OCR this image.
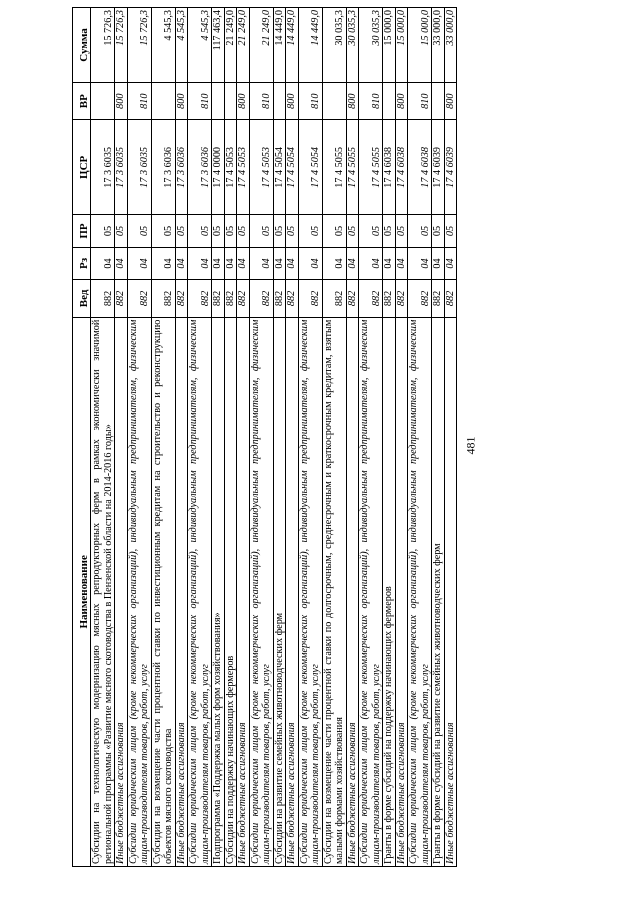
481
Наименование	Вед	Рз	ПР	ЦСР	ВР	Сумма
Субсидии на технологическую модернизацию мясных репродукторных ферм в рамках экономически значимой региональной программы «Развитие мясного скотоводства в Пензенской области на 2014-2016 годы»	882	04	05	17 3 6035		15 726,3
Иные бюджетные ассигнования	882	04	05	17 3 6035	800	15 726,3
Субсидии юридическим лицам (кроме некоммерческих организаций), индивидуальным предпринимателям, физическим лицам-производителям товаров, работ, услуг	882	04	05	17 3 6035	810	15 726,3
Субсидии на возмещение части процентной ставки по инвестиционным кредитам на строительство и реконструкцию объектов мясного скотоводства	882	04	05	17 3 6036		4 545,3
Иные бюджетные ассигнования	882	04	05	17 3 6036	800	4 545,3
Субсидии юридическим лицам (кроме некоммерческих организаций), индивидуальным предпринимателям, физическим лицам-производителям товаров, работ, услуг	882	04	05	17 3 6036	810	4 545,3
Подпрограмма «Поддержка малых форм хозяйствования»	882	04	05	17 4 0000		117 463,4
Субсидии на поддержку начинающих фермеров	882	04	05	17 4 5053		21 249,0
Иные бюджетные ассигнования	882	04	05	17 4 5053	800	21 249,0
Субсидии юридическим лицам (кроме некоммерческих организаций), индивидуальным предпринимателям, физическим лицам-производителям товаров, работ, услуг	882	04	05	17 4 5053	810	21 249,0
Субсидии на развитие семейных животноводческих ферм	882	04	05	17 4 5054		14 449,0
Иные бюджетные ассигнования	882	04	05	17 4 5054	800	14 449,0
Субсидии юридическим лицам (кроме некоммерческих организаций), индивидуальным предпринимателям, физическим лицам-производителям товаров, работ, услуг	882	04	05	17 4 5054	810	14 449,0
Субсидии на возмещение части процентной ставки по долгосрочным, среднесрочным и краткосрочным кредитам, взятым малыми формами хозяйствования	882	04	05	17 4 5055		30 035,3
Иные бюджетные ассигнования	882	04	05	17 4 5055	800	30 035,3
Субсидии юридическим лицам (кроме некоммерческих организаций), индивидуальным предпринимателям, физическим лицам-производителям товаров, работ, услуг	882	04	05	17 4 5055	810	30 035,3
Гранты в форме субсидий на поддержку начинающих фермеров	882	04	05	17 4 6038		15 000,0
Иные бюджетные ассигнования	882	04	05	17 4 6038	800	15 000,0
Субсидии юридическим лицам (кроме некоммерческих организаций), индивидуальным предпринимателям, физическим лицам-производителям товаров, работ, услуг	882	04	05	17 4 6038	810	15 000,0
Гранты в форме субсидий на развитие семейных животноводческих ферм	882	04	05	17 4 6039		33 000,0
Иные бюджетные ассигнования	882	04	05	17 4 6039	800	33 000,0
